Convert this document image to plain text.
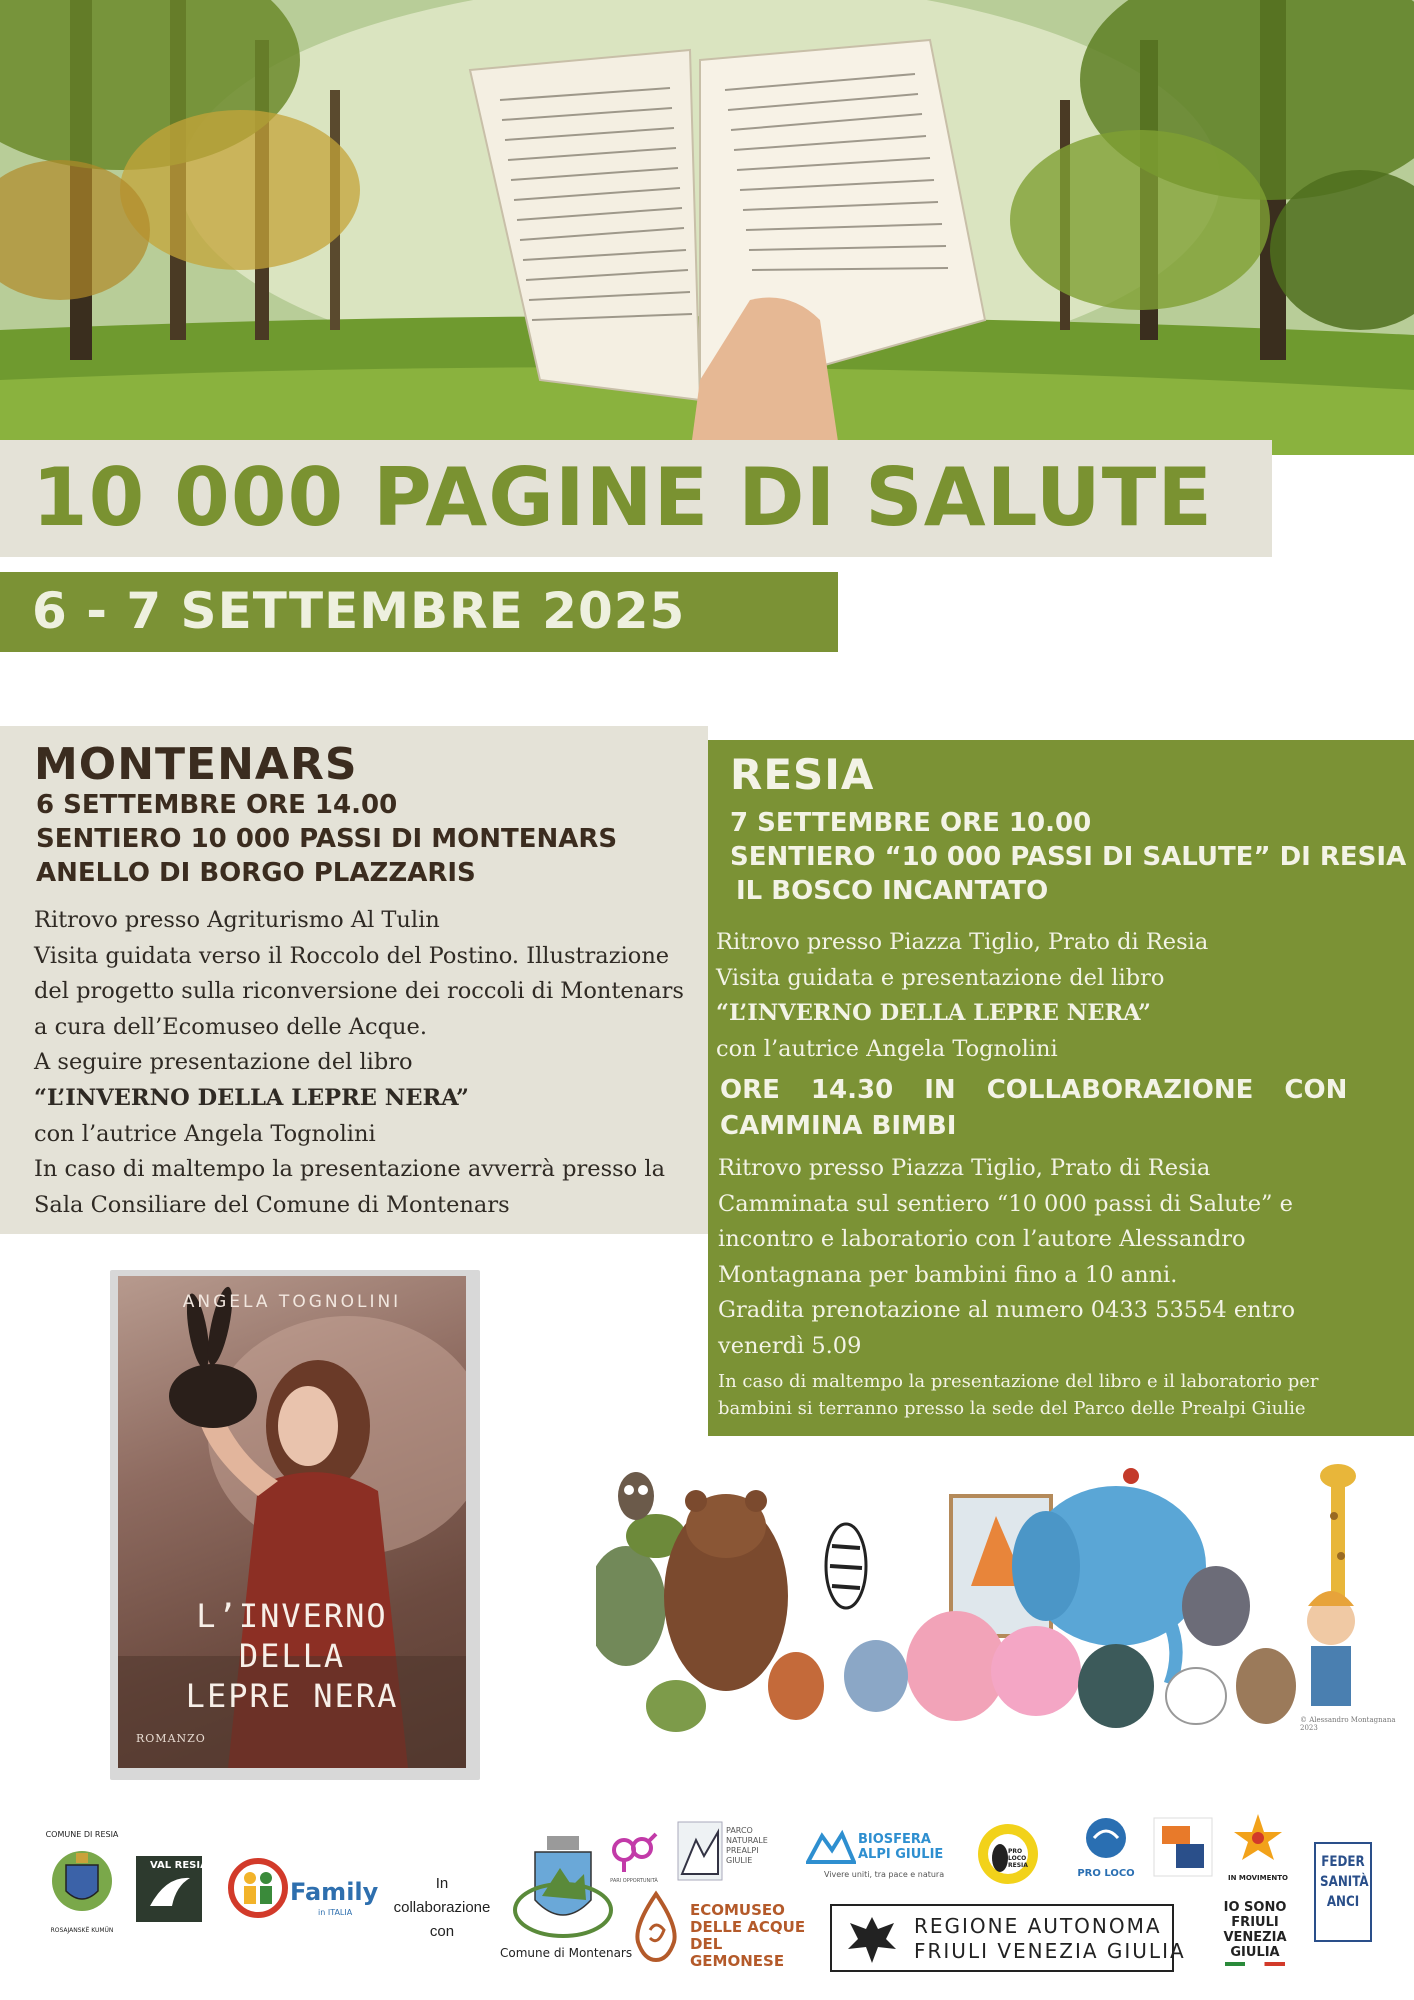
10 000 PAGINE DI SALUTE
6 - 7 SETTEMBRE 2025
MONTENARS
6 SETTEMBRE ORE 14.00
SENTIERO 10 000 PASSI DI MONTENARS
ANELLO DI BORGO PLAZZARIS

Ritrovo presso Agriturismo Al Tulin

Visita guidata verso il Roccolo del Postino. Illustrazione

del progetto sulla riconversione dei roccoli di Montenars

a cura dell’Ecomuseo delle Acque.

A seguire presentazione del libro

“L’INVERNO DELLA LEPRE NERA”

con l’autrice Angela Tognolini

In caso di maltempo la presentazione avverrà presso la

Sala Consiliare del Comune di Montenars

RESIA
7 SETTEMBRE ORE 10.00
SENTIERO “10 000 PASSI DI SALUTE” DI RESIA
IL BOSCO INCANTATO

Ritrovo presso Piazza Tiglio, Prato di Resia

Visita guidata e presentazione del libro

“L’INVERNO DELLA LEPRE NERA”

con l’autrice Angela Tognolini

ORE 14.30 IN COLLABORAZIONE CON
CAMMINA BIMBI

Ritrovo presso Piazza Tiglio, Prato di Resia

Camminata sul sentiero “10 000 passi di Salute” e

incontro e laboratorio con l’autore Alessandro

Montagnana per bambini fino a 10 anni.

Gradita prenotazione al numero 0433 53554 entro

venerdì 5.09

In caso di maltempo la presentazione del libro e il laboratorio per

bambini si terranno presso la sede del Parco delle Prealpi Giulie

ANGELA TOGNOLINI
L’INVERNO
DELLA
LEPRE NERA
ROMANZO
© Alessandro Montagnana 2023
COMUNE DI RESIA
ROSAJANSKË KUMÜN
VAL RESIA
Family
in ITALIA
In collaborazione
con
Comune di Montenars
PARI OPPORTUNITÀ
PARCO
NATURALE
PREALPI
GIULIE
ECOMUSEO
DELLE ACQUE
DEL GEMONESE
BIOSFERA
ALPI GIULIE
Vivere uniti, tra pace e natura
PRO LOCO RESIA
PRO LOCO	IN MOVIMENTO
FEDER
SANITÀ
ANCI
IO SONO
FRIULI
VENEZIA
GIULIA
REGIONE AUTONOMA
FRIULI VENEZIA GIULIA
